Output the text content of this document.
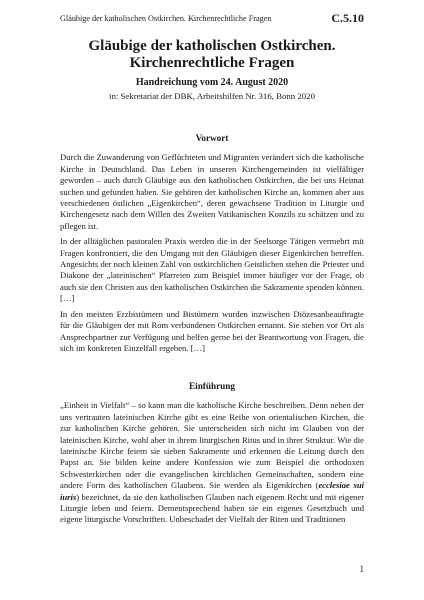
Gläubige der katholischen Ostkirchen. Kirchenrechtliche Fragen	C.5.10
Gläubige der katholischen Ostkirchen.
Kirchenrechtliche Fragen
Handreichung vom 24. August 2020
in: Sekretariat der DBK, Arbeitshilfen Nr. 316, Bonn 2020
Vorwort

Durch die Zuwanderung von Geflüchteten und Migranten verändert sich die katholische Kirche in Deutschland. Das Leben in unseren Kirchengemeinden ist vielfältiger geworden – auch durch Gläubige aus den katholischen Ostkirchen, die bei uns Heimat suchen und gefunden haben. Sie gehören der katholischen Kirche an, kommen aber aus verschiedenen östlichen „Eigenkirchen“, deren gewachsene Tradition in Liturgie und Kirchengesetz nach dem Willen des Zweiten Vatikanischen Konzils zu schätzen und zu pflegen ist.

In der alltäglichen pastoralen Praxis werden die in der Seelsorge Tätigen vermehrt mit Fragen konfrontiert, die den Umgang mit den Gläubigen dieser Eigenkirchen betreffen. Angesichts der noch kleinen Zahl von ostkirchlichen Geistlichen stehen die Priester und Diakone der „lateinischen“ Pfarreien zum Beispiel immer häufiger vor der Frage, ob auch sie den Christen aus den katholischen Ostkirchen die Sakramente spenden können. […]

In den meisten Erzbistümern und Bistümern wurden inzwischen Diözesanbeauftragte für die Gläubigen der mit Rom verbundenen Ostkirchen ernannt. Sie stehen vor Ort als Ansprechpartner zur Verfügung und helfen gerne bei der Beantwortung von Fragen, die sich im konkreten Einzelfall ergeben. […]

Einführung

„Einheit in Vielfalt“ – so kann man die katholische Kirche beschreiben. Denn neben der uns vertrauten lateinischen Kirche gibt es eine Reihe von orientalischen Kirchen, die zur katholischen Kirche gehören. Sie unterscheiden sich nicht im Glauben von der lateinischen Kirche, wohl aber in ihrem liturgischen Ritus und in ihrer Struktur. Wie die lateinische Kirche feiern sie sieben Sakramente und erkennen die Leitung durch den Papst an. Sie bilden keine andere Konfession wie zum Beispiel die orthodoxen Schwesterkirchen oder die evangelischen kirchlichen Gemeinschaften, sondern eine andere Form des katholischen Glaubens. Sie werden als Eigenkirchen (ecclesiae sui iuris) bezeichnet, da sie den katholischen Glauben nach eigenem Recht und mit eigener Liturgie leben und feiern. Dementsprechend haben sie ein eigenes Gesetzbuch und eigene liturgische Vorschriften. Unbeschadet der Vielfalt der Riten und Traditionen

1
